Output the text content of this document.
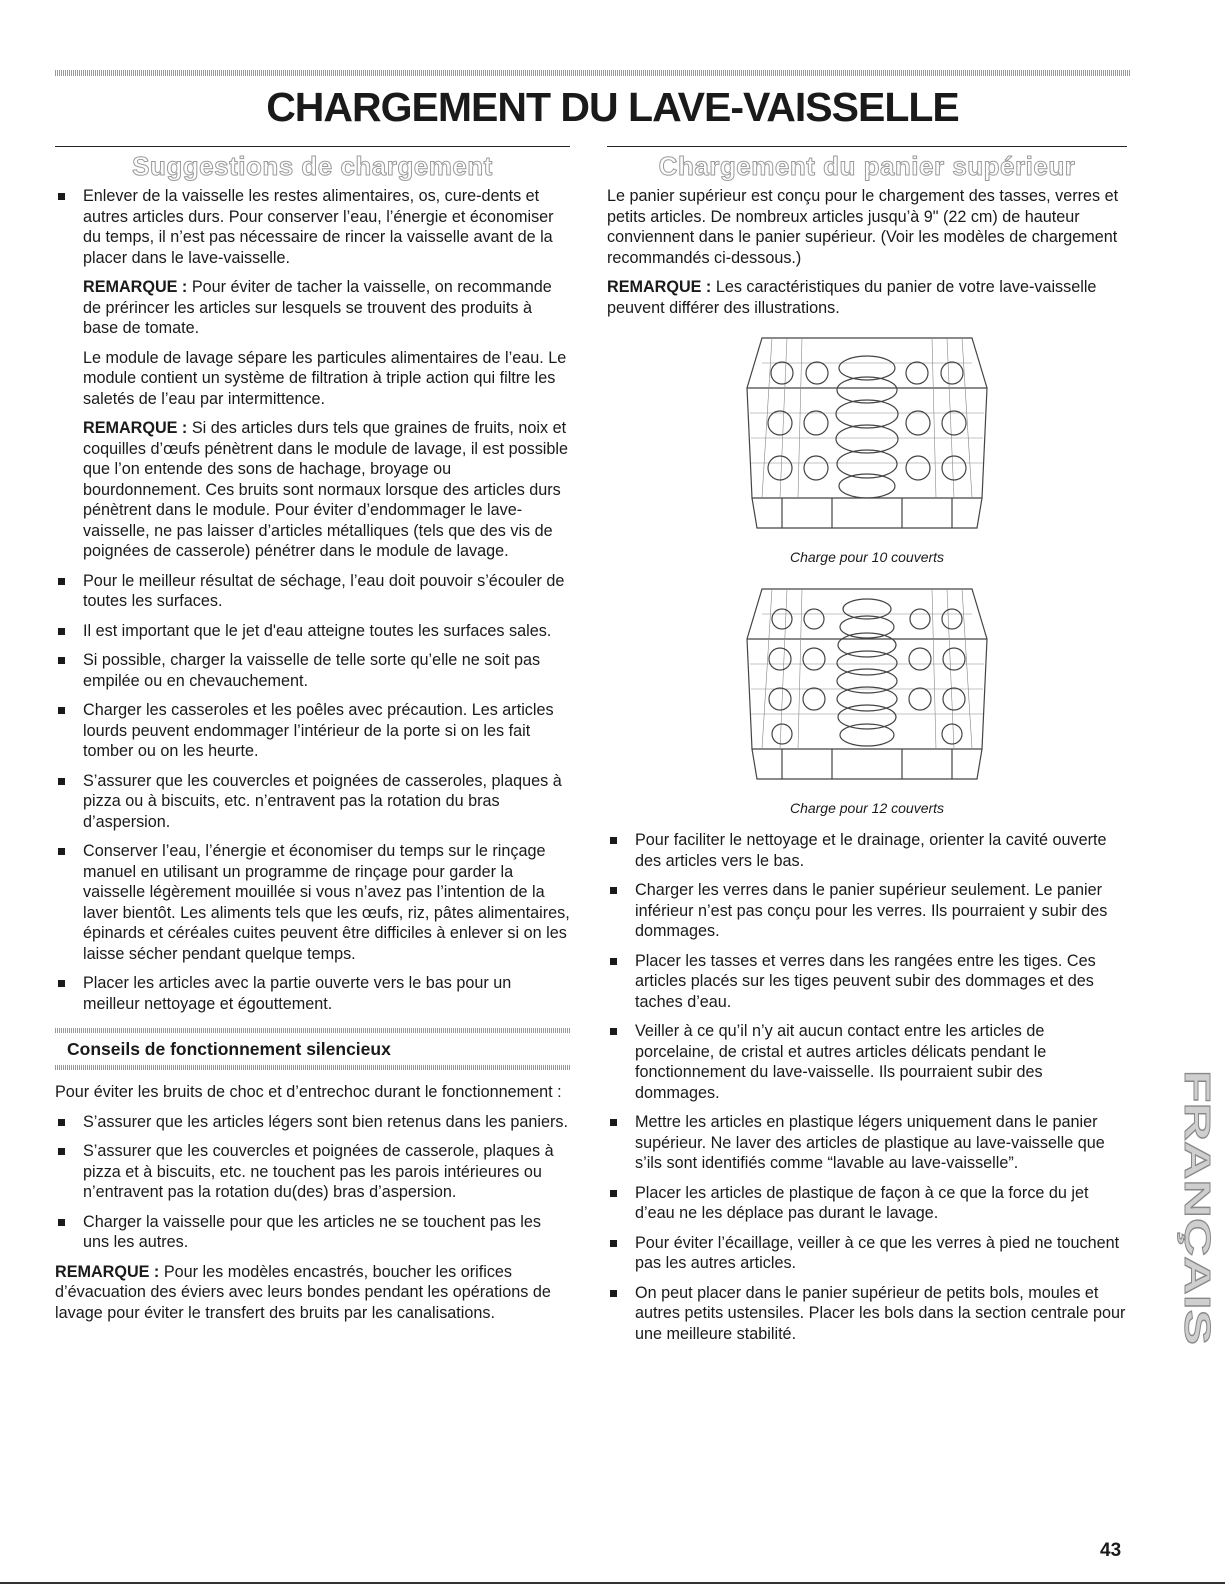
CHARGEMENT DU LAVE-VAISSELLE
Suggestions de chargement
Enlever de la vaisselle les restes alimentaires, os, cure-dents et autres articles durs. Pour conserver l’eau, l’énergie et économiser du temps, il n’est pas nécessaire de rincer la vaisselle avant de la placer dans le lave-vaisselle.

REMARQUE : Pour éviter de tacher la vaisselle, on recommande de prérincer les articles sur lesquels se trouvent des produits à base de tomate.

Le module de lavage sépare les particules alimentaires de l’eau. Le module contient un système de filtration à triple action qui filtre les saletés de l’eau par intermittence.

REMARQUE : Si des articles durs tels que graines de fruits, noix et coquilles d’œufs pénètrent dans le module de lavage, il est possible que l’on entende des sons de hachage, broyage ou bourdonnement. Ces bruits sont normaux lorsque des articles durs pénètrent dans le module. Pour éviter d’endommager le lave-vaisselle, ne pas laisser d’articles métalliques (tels que des vis de poignées de casserole) pénétrer dans le module de lavage.

Pour le meilleur résultat de séchage, l’eau doit pouvoir s’écouler de toutes les surfaces.
Il est important que le jet d'eau atteigne toutes les surfaces sales.
Si possible, charger la vaisselle de telle sorte qu’elle ne soit pas empilée ou en chevauchement.
Charger les casseroles et les poêles avec précaution. Les articles lourds peuvent endommager l’intérieur de la porte si on les fait tomber ou on les heurte.
S’assurer que les couvercles et poignées de casseroles, plaques à pizza ou à biscuits, etc. n’entravent pas la rotation du bras d’aspersion.
Conserver l’eau, l’énergie et économiser du temps sur le rinçage manuel en utilisant un programme de rinçage pour garder la vaisselle légèrement mouillée si vous n’avez pas l’intention de la laver bientôt. Les aliments tels que les œufs, riz, pâtes alimentaires, épinards et céréales cuites peuvent être difficiles à enlever si on les laisse sécher pendant quelque temps.
Placer les articles avec la partie ouverte vers le bas pour un meilleur nettoyage et égouttement.
Conseils de fonctionnement silencieux

Pour éviter les bruits de choc et d’entrechoc durant le fonctionnement :

S’assurer que les articles légers sont bien retenus dans les paniers.
S’assurer que les couvercles et poignées de casserole, plaques à pizza et à biscuits, etc. ne touchent pas les parois intérieures ou n’entravent pas la rotation du(des) bras d’aspersion.
Charger la vaisselle pour que les articles ne se touchent pas les uns les autres.

REMARQUE : Pour les modèles encastrés, boucher les orifices d’évacuation des éviers avec leurs bondes pendant les opérations de lavage pour éviter le transfert des bruits par les canalisations.

Chargement du panier supérieur

Le panier supérieur est conçu pour le chargement des tasses, verres et petits articles. De nombreux articles jusqu’à 9" (22 cm) de hauteur conviennent dans le panier supérieur. (Voir les modèles de chargement recommandés ci-dessous.)

REMARQUE : Les caractéristiques du panier de votre lave-vaisselle peuvent différer des illustrations.

Charge pour 10 couverts
Charge pour 12 couverts
Pour faciliter le nettoyage et le drainage, orienter la cavité ouverte des articles vers le bas.
Charger les verres dans le panier supérieur seulement. Le panier inférieur n’est pas conçu pour les verres. Ils pourraient y subir des dommages.
Placer les tasses et verres dans les rangées entre les tiges. Ces articles placés sur les tiges peuvent subir des dommages et des taches d’eau.
Veiller à ce qu’il n’y ait aucun contact entre les articles de porcelaine, de cristal et autres articles délicats pendant le fonctionnement du lave-vaisselle. Ils pourraient subir des dommages.
Mettre les articles en plastique légers uniquement dans le panier supérieur. Ne laver des articles de plastique au lave-vaisselle que s’ils sont identifiés comme “lavable au lave-vaisselle”.
Placer les articles de plastique de façon à ce que la force du jet d’eau ne les déplace pas durant le lavage.
Pour éviter l’écaillage, veiller à ce que les verres à pied ne touchent pas les autres articles.
On peut placer dans le panier supérieur de petits bols, moules et autres petits ustensiles. Placer les bols dans la section centrale pour une meilleure stabilité.
FRANÇAIS
43
